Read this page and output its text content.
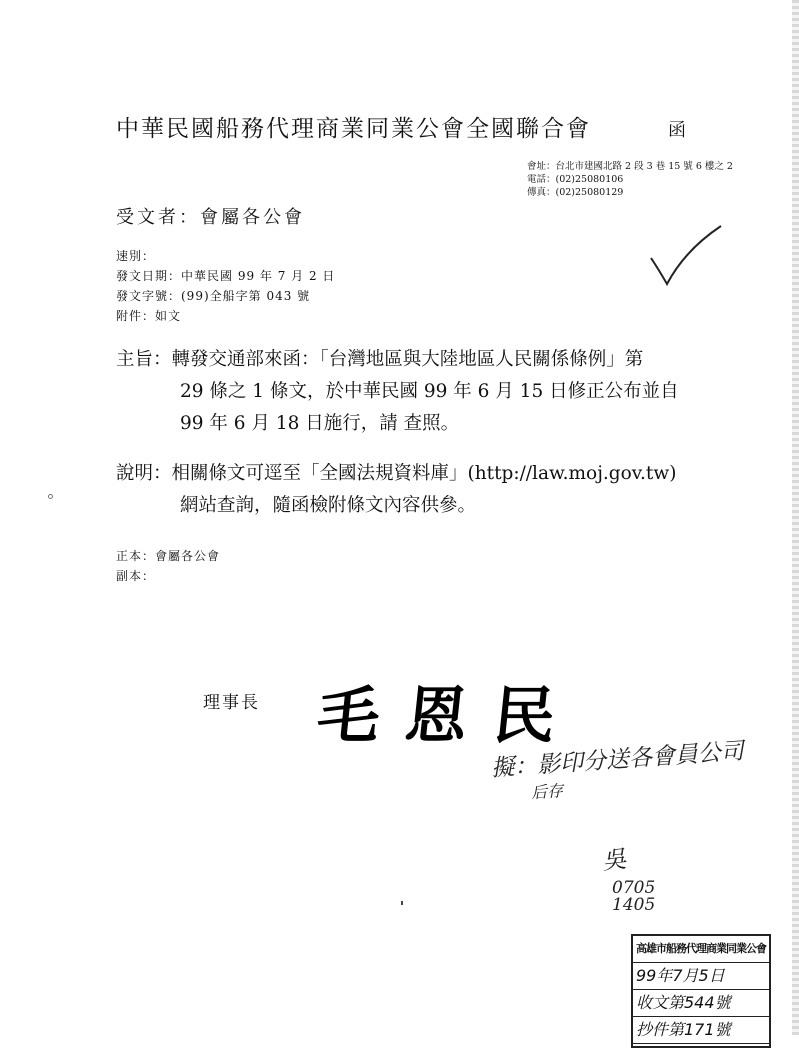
中華民國船務代理商業同業公會全國聯合會	函
會址：台北市建國北路 2 段 3 巷 15 號 6 樓之 2
電話：(02)25080106
傳真：(02)25080129
受文者：會屬各公會
速別：
發文日期：中華民國 99 年 7 月 2 日
發文字號：(99)全船字第 043 號
附件：如文
主旨：轉發交通部來函：「台灣地區與大陸地區人民關係條例」第
29 條之 1 條文，於中華民國 99 年 6 月 15 日修正公布並自
99 年 6 月 18 日施行，請 查照。
說明：相關條文可逕至「全國法規資料庫」(http://law.moj.gov.tw)
網站查詢，隨函檢附條文內容供參。
正本：會屬各公會
副本：
理事長 毛恩民
擬：影印分送各會員公司
后存
吳
0705
1405
高雄市船務代理商業同業公會
99年7月5日
收文第544號
抄件第171號
